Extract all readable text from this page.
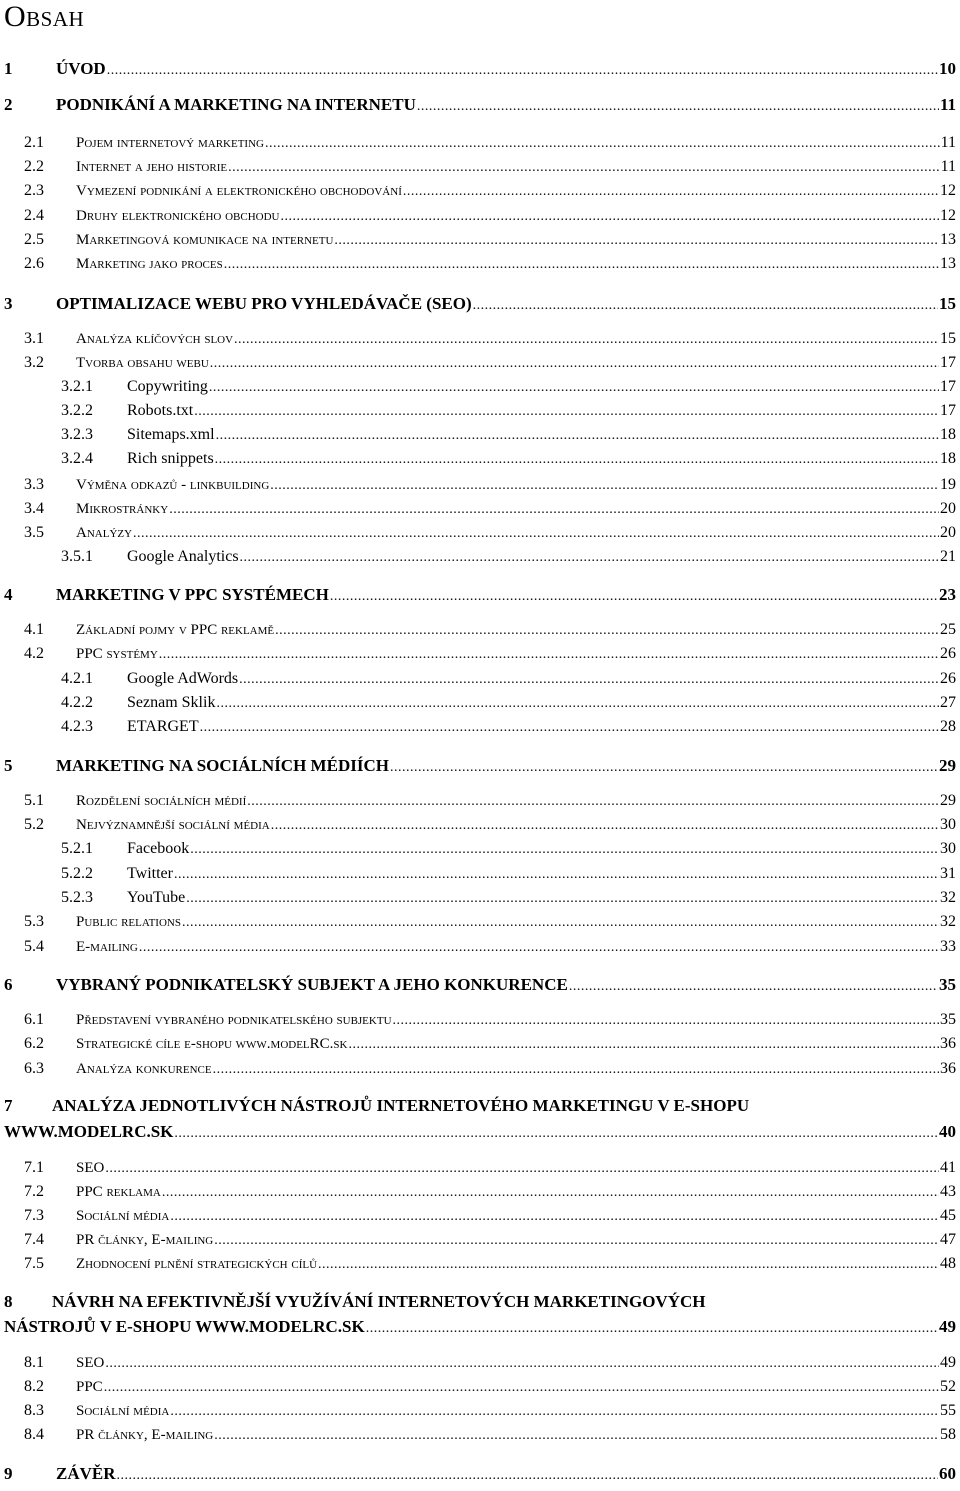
Obsah
1	ÚVOD .....	10
2	PODNIKÁNÍ A MARKETING NA INTERNETU .....	11
2.1	Pojem internetový marketing .....	11
2.2	Internet a jeho historie .....	11
2.3	Vymezení podnikání a elektronického obchodování .....	12
2.4	Druhy elektronického obchodu .....	12
2.5	Marketingová komunikace na internetu .....	13
2.6	Marketing jako proces .....	13
3	OPTIMALIZACE WEBU PRO VYHLEDÁVAČE (SEO) .....	15
3.1	Analýza klíčových slov .....	15
3.2	Tvorba obsahu webu .....	17
3.2.1	Copywriting .....	17
3.2.2	Robots.txt .....	17
3.2.3	Sitemaps.xml .....	18
3.2.4	Rich snippets .....	18
3.3	Výměna odkazů - linkbuilding .....	19
3.4	Mikrostránky .....	20
3.5	Analýzy .....	20
3.5.1	Google Analytics .....	21
4	MARKETING V PPC SYSTÉMECH .....	23
4.1	Základní pojmy v PPC reklamě .....	25
4.2	PPC systémy .....	26
4.2.1	Google AdWords .....	26
4.2.2	Seznam Sklik .....	27
4.2.3	ETARGET .....	28
5	MARKETING NA SOCIÁLNÍCH MÉDIÍCH .....	29
5.1	Rozdělení sociálních médií .....	29
5.2	Nejvýznamnější sociální média .....	30
5.2.1	Facebook .....	30
5.2.2	Twitter .....	31
5.2.3	YouTube .....	32
5.3	Public relations .....	32
5.4	E-mailing .....	33
6	VYBRANÝ PODNIKATELSKÝ SUBJEKT A JEHO KONKURENCE .....	35
6.1	Představení vybraného podnikatelského subjektu .....	35
6.2	Strategické cíle e-shopu www.modelRC.sk .....	36
6.3	Analýza konkurence .....	36
7 ANALÝZA JEDNOTLIVÝCH NÁSTROJŮ INTERNETOVÉHO MARKETINGU V E-SHOPU
WWW.MODELRC.SK .....	40
7.1	SEO .....	41
7.2	PPC reklama .....	43
7.3	Sociální média .....	45
7.4	PR články, E-mailing .....	47
7.5	Zhodnocení plnění strategických cílů .....	48
8 NÁVRH NA EFEKTIVNĚJŠÍ VYUŽÍVÁNÍ INTERNETOVÝCH MARKETINGOVÝCH
NÁSTROJŮ V E-SHOPU WWW.MODELRC.SK .....	49
8.1	SEO .....	49
8.2	PPC .....	52
8.3	Sociální média .....	55
8.4	PR články, E-mailing .....	58
9	ZÁVĚR .....	60
